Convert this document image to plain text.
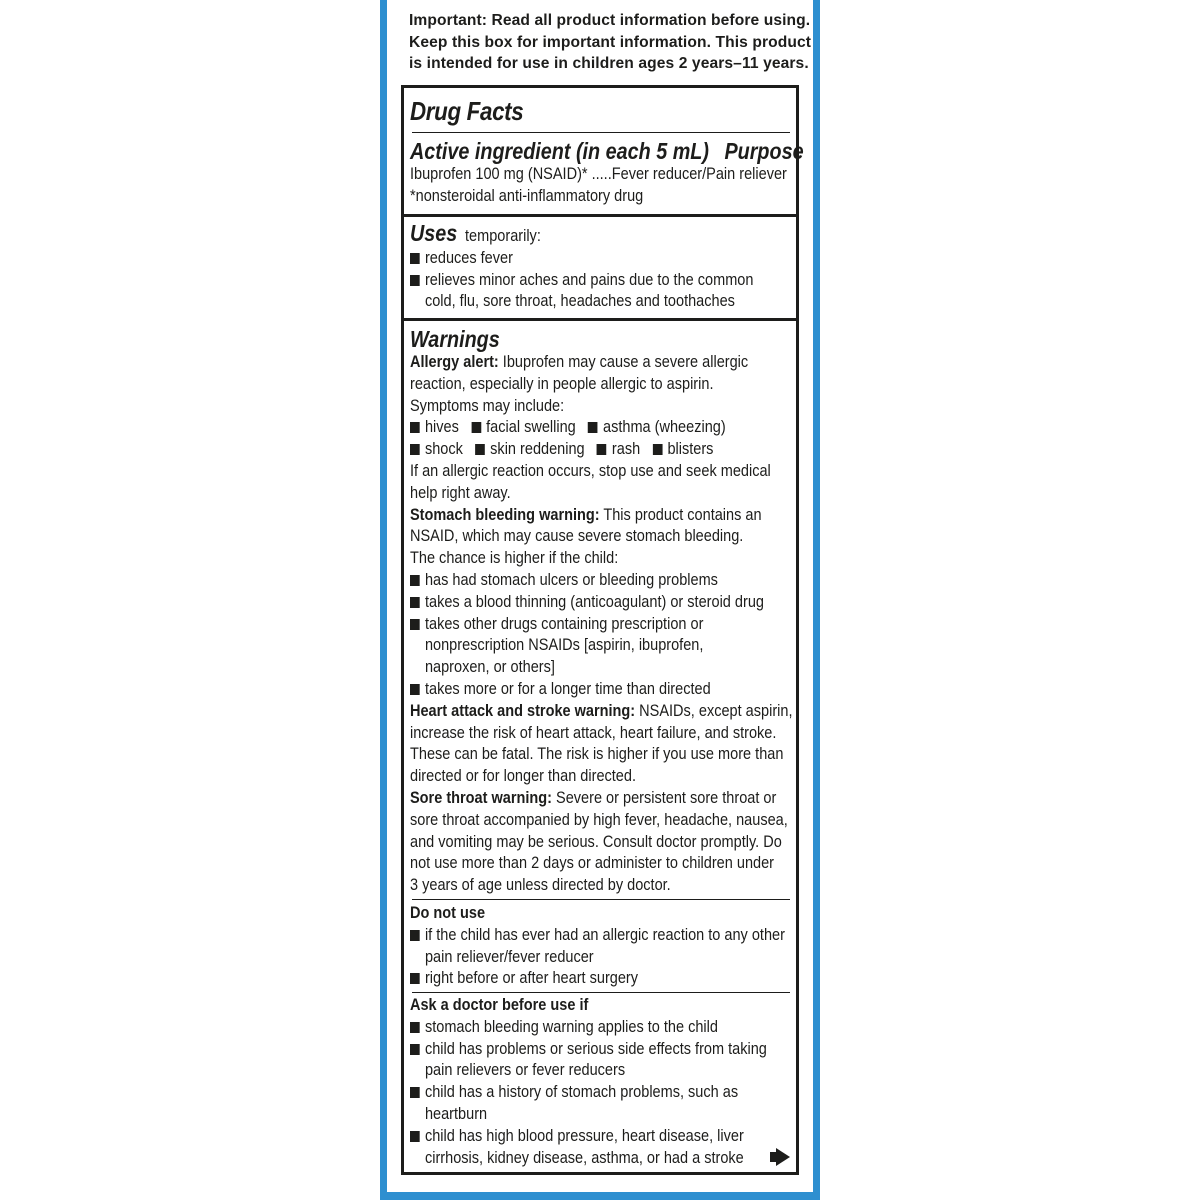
Important: Read all product information before using.
Keep this box for important information. This product
is intended for use in children ages 2 years–11 years.
Drug Facts
Active ingredient (in each 5 mL) Purpose
Ibuprofen 100 mg (NSAID)* .....Fever reducer/Pain reliever
*nonsteroidal anti-inflammatory drug
Usestemporarily:
reduces fever
relieves minor aches and pains due to the common
cold, flu, sore throat, headaches and toothaches
Warnings
Allergy alert: Ibuprofen may cause a severe allergic
reaction, especially in people allergic to aspirin.
Symptoms may include:
hives facial swelling asthma (wheezing)
shock skin reddening rash blisters
If an allergic reaction occurs, stop use and seek medical
help right away.
Stomach bleeding warning: This product contains an
NSAID, which may cause severe stomach bleeding.
The chance is higher if the child:
has had stomach ulcers or bleeding problems
takes a blood thinning (anticoagulant) or steroid drug
takes other drugs containing prescription or
nonprescription NSAIDs [aspirin, ibuprofen,
naproxen, or others]
takes more or for a longer time than directed
Heart attack and stroke warning: NSAIDs, except aspirin,
increase the risk of heart attack, heart failure, and stroke.
These can be fatal. The risk is higher if you use more than
directed or for longer than directed.
Sore throat warning: Severe or persistent sore throat or
sore throat accompanied by high fever, headache, nausea,
and vomiting may be serious. Consult doctor promptly. Do
not use more than 2 days or administer to children under
3 years of age unless directed by doctor.
Do not use
if the child has ever had an allergic reaction to any other
pain reliever/fever reducer
right before or after heart surgery
Ask a doctor before use if
stomach bleeding warning applies to the child
child has problems or serious side effects from taking
pain relievers or fever reducers
child has a history of stomach problems, such as
heartburn
child has high blood pressure, heart disease, liver
cirrhosis, kidney disease, asthma, or had a stroke
